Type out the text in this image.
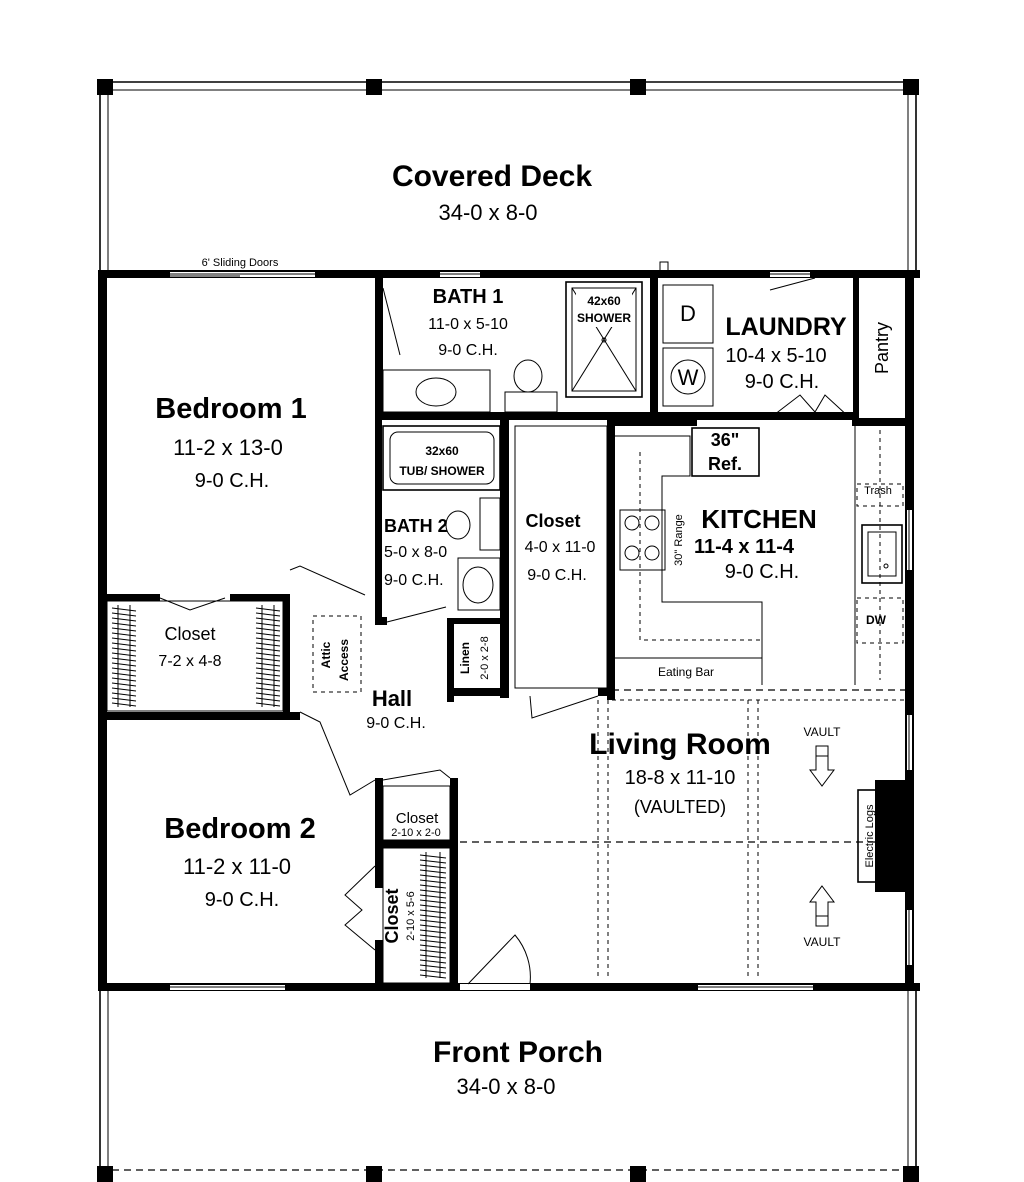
Covered Deck
34-0 x 8-0
Front Porch
34-0 x 8-0
6' Sliding Doors
Bedroom 1
11-2 x 13-0
9-0 C.H.
Closet
7-2 x 4-8
BATH 1
11-0 x 5-10
9-0 C.H.
42x60
SHOWER D
W
LAUNDRY
10-4 x 5-10
9-0 C.H.
Pantry
32x60
TUB/ SHOWER
BATH 2
5-0 x 8-0
9-0 C.H.
Closet
4-0 x 11-0
9-0 C.H.
30" Range
36"
Ref.
Trash
DW
KITCHEN
11-4 x 11-4
9-0 C.H.
Eating Bar
Attic Access
Hall
9-0 C.H.
Linen 2-0 x 2-8
Living Room
18-8 x 11-10
(VAULTED)
VAULT
VAULT
Electric Logs
Bedroom 2
11-2 x 11-0
9-0 C.H.
Closet
2-10 x 2-0
Closet 2-10 x 5-6
